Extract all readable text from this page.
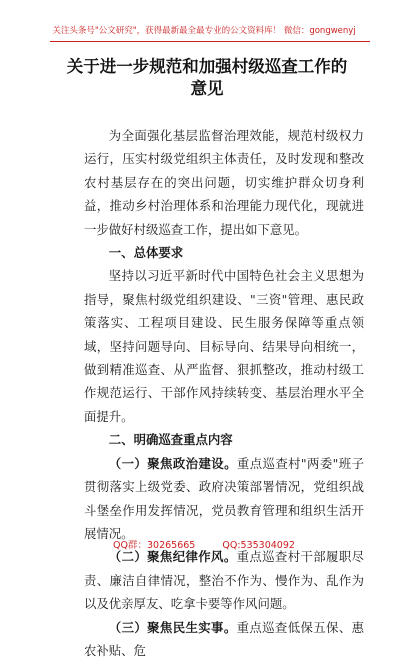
关注头条号"公文研究"，获得最新最全最专业的公文资料库！ 微信：gongwenyj
关于进一步规范和加强村级巡查工作的意见

为全面强化基层监督治理效能，规范村级权力运行，压实村级党组织主体责任，及时发现和整改农村基层存在的突出问题，切实维护群众切身利益，推动乡村治理体系和治理能力现代化，现就进一步做好村级巡查工作，提出如下意见。

一、总体要求

坚持以习近平新时代中国特色社会主义思想为指导，聚焦村级党组织建设、"三资"管理、惠民政策落实、工程项目建设、民生服务保障等重点领域，坚持问题导向、目标导向、结果导向相统一，做到精准巡查、从严监督、狠抓整改，推动村级工作规范运行、干部作风持续转变、基层治理水平全面提升。

二、明确巡查重点内容

（一）聚焦政治建设。重点巡查村"两委"班子贯彻落实上级党委、政府决策部署情况，党组织战斗堡垒作用发挥情况，党员教育管理和组织生活开展情况。

（二）聚焦纪律作风。重点巡查村干部履职尽责、廉洁自律情况，整治不作为、慢作为、乱作为以及优亲厚友、吃拿卡要等作风问题。

（三）聚焦民生实事。重点巡查低保五保、惠农补贴、危

QQ群：30265665	QQ:535304092
